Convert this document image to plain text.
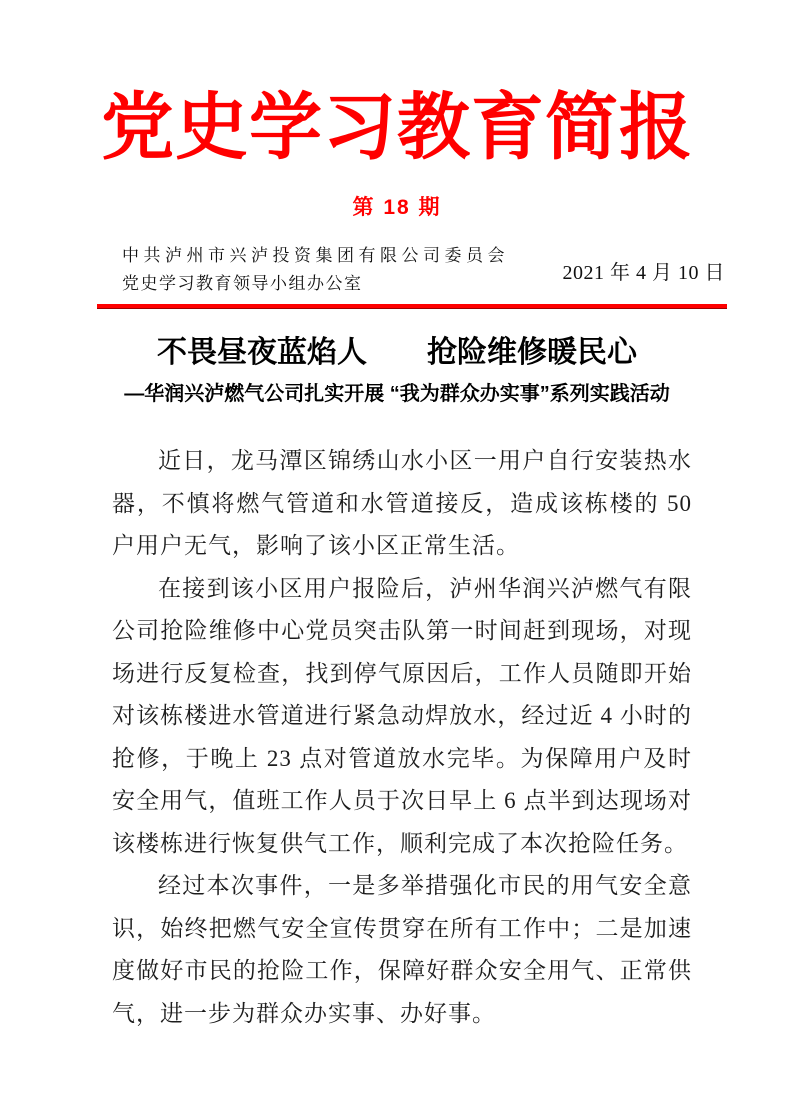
党史学习教育简报
第 18 期
中共泸州市兴泸投资集团有限公司委员会
党史学习教育领导小组办公室	2021 年 4 月 10 日
不畏昼夜蓝焰人　　抢险维修暖民心
—华润兴泸燃气公司扎实开展 “我为群众办实事”系列实践活动

近日，龙马潭区锦绣山水小区一用户自行安装热水器，不慎将燃气管道和水管道接反，造成该栋楼的 50 户用户无气，影响了该小区正常生活。

在接到该小区用户报险后，泸州华润兴泸燃气有限公司抢险维修中心党员突击队第一时间赶到现场，对现场进行反复检查，找到停气原因后，工作人员随即开始对该栋楼进水管道进行紧急动焊放水，经过近 4 小时的抢修，于晚上 23 点对管道放水完毕。为保障用户及时安全用气，值班工作人员于次日早上 6 点半到达现场对该楼栋进行恢复供气工作，顺利完成了本次抢险任务。

经过本次事件，一是多举措强化市民的用气安全意识，始终把燃气安全宣传贯穿在所有工作中；二是加速度做好市民的抢险工作，保障好群众安全用气、正常供气，进一步为群众办实事、办好事。
